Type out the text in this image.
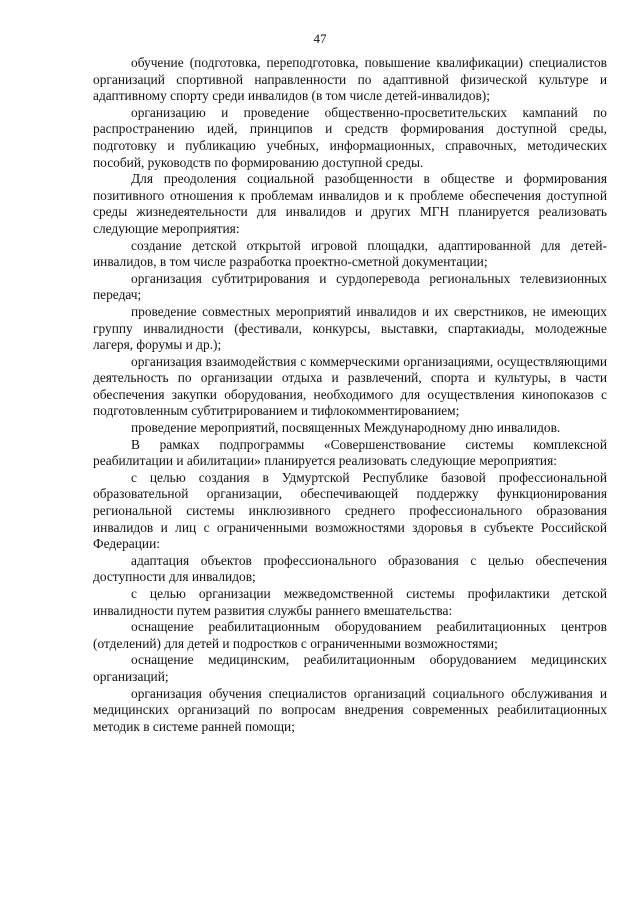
47

обучение (подготовка, переподготовка, повышение квалификации) специалистов организаций спортивной направленности по адаптивной физической культуре и адаптивному спорту среди инвалидов (в том числе детей-инвалидов);

организацию и проведение общественно-просветительских кампаний по распространению идей, принципов и средств формирования доступной среды, подготовку и публикацию учебных, информационных, справочных, методических пособий, руководств по формированию доступной среды.

Для преодоления социальной разобщенности в обществе и формирования позитивного отношения к проблемам инвалидов и к проблеме обеспечения доступной среды жизнедеятельности для инвалидов и других МГН планируется реализовать следующие мероприятия:

создание детской открытой игровой площадки, адаптированной для детей-инвалидов, в том числе разработка проектно-сметной документации;

организация субтитрирования и сурдоперевода региональных телевизионных передач;

проведение совместных мероприятий инвалидов и их сверстников, не имеющих группу инвалидности (фестивали, конкурсы, выставки, спартакиады, молодежные лагеря, форумы и др.);

организация взаимодействия с коммерческими организациями, осуществляющими деятельность по организации отдыха и развлечений, спорта и культуры, в части обеспечения закупки оборудования, необходимого для осуществления кинопоказов с подготовленным субтитрированием и тифлокомментированием;

проведение мероприятий, посвященных Международному дню инвалидов.

В рамках подпрограммы «Совершенствование системы комплексной реабилитации и абилитации» планируется реализовать следующие мероприятия:

с целью создания в Удмуртской Республике базовой профессиональной образовательной организации, обеспечивающей поддержку функционирования региональной системы инклюзивного среднего профессионального образования инвалидов и лиц с ограниченными возможностями здоровья в субъекте Российской Федерации:

адаптация объектов профессионального образования с целью обеспечения доступности для инвалидов;

с целью организации межведомственной системы профилактики детской инвалидности путем развития службы раннего вмешательства:

оснащение реабилитационным оборудованием реабилитационных центров (отделений) для детей и подростков с ограниченными возможностями;

оснащение медицинским, реабилитационным оборудованием медицинских организаций;

организация обучения специалистов организаций социального обслуживания и медицинских организаций по вопросам внедрения современных реабилитационных методик в системе ранней помощи;
